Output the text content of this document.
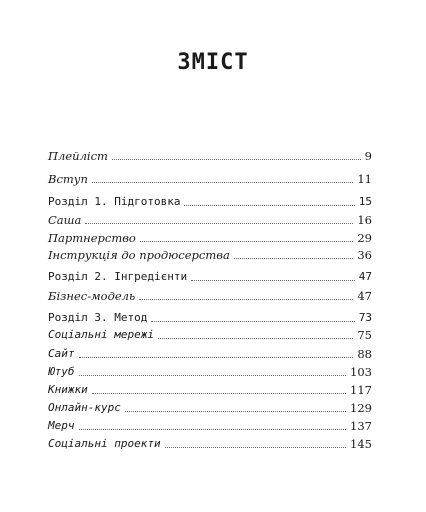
ЗМІСТ
Плейліст	9
Вступ	11
Розділ 1. Підготовка	15
Саша	16
Партнерство	29
Інструкція до продюсерства	36
Розділ 2. Інгредієнти	47
Бізнес-модель	47
Розділ 3. Метод	73
Соціальні мережі	75
Сайт	88
Ютуб	103
Книжки	117
Онлайн-курс	129
Мерч	137
Соціальні проекти	145
